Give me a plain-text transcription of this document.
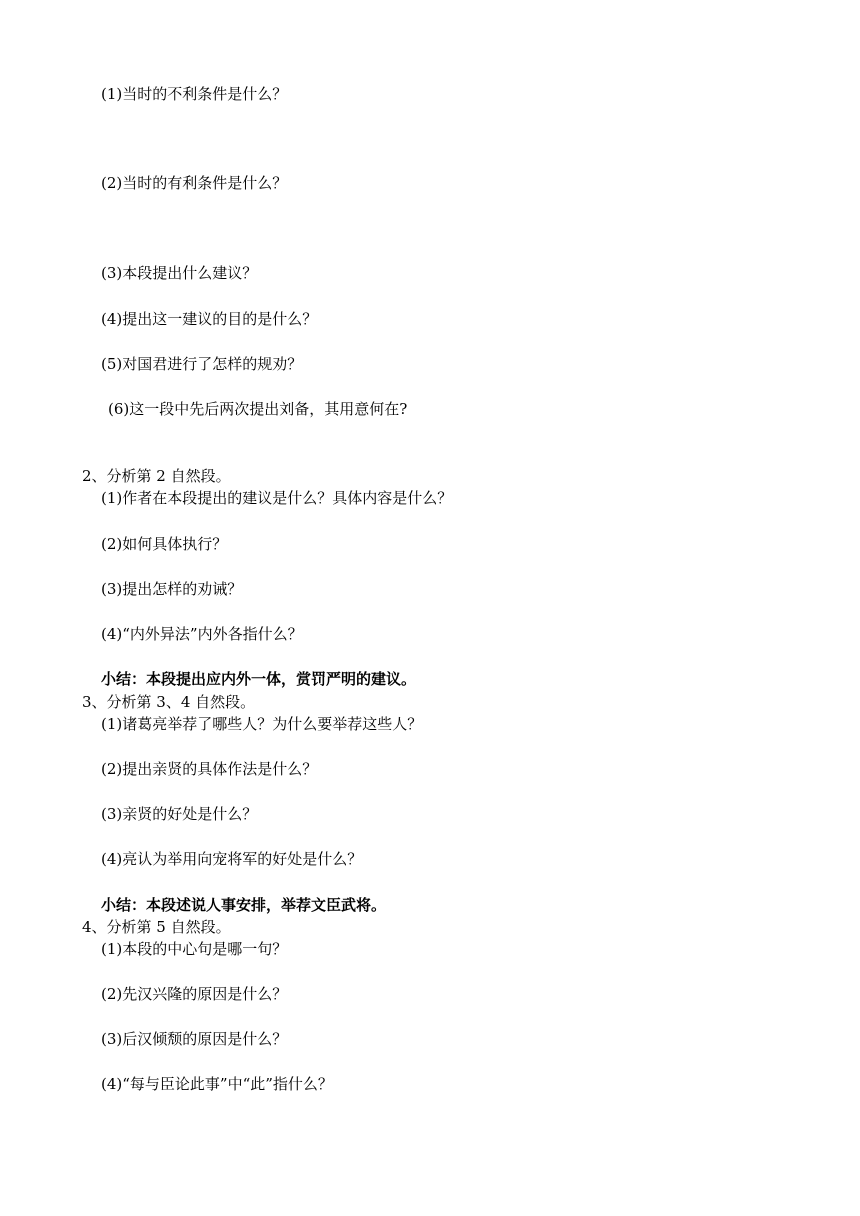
(1)当时的不利条件是什么？
(2)当时的有利条件是什么？
(3)本段提出什么建议？
(4)提出这一建议的目的是什么？
(5)对国君进行了怎样的规劝？
(6)这一段中先后两次提出刘备，其用意何在?
2、分析第 2 自然段。
(1)作者在本段提出的建议是什么？具体内容是什么？
(2)如何具体执行？
(3)提出怎样的劝诫？
(4)“内外异法”内外各指什么？
小结：本段提出应内外一体，赏罚严明的建议。
3、分析第 3、4 自然段。
(1)诸葛亮举荐了哪些人？为什么要举荐这些人？
(2)提出亲贤的具体作法是什么？
(3)亲贤的好处是什么？
(4)亮认为举用向宠将军的好处是什么？
小结：本段述说人事安排，举荐文臣武将。
4、分析第 5 自然段。
(1)本段的中心句是哪一句？
(2)先汉兴隆的原因是什么？
(3)后汉倾颓的原因是什么？
(4)“每与臣论此事”中“此”指什么？
